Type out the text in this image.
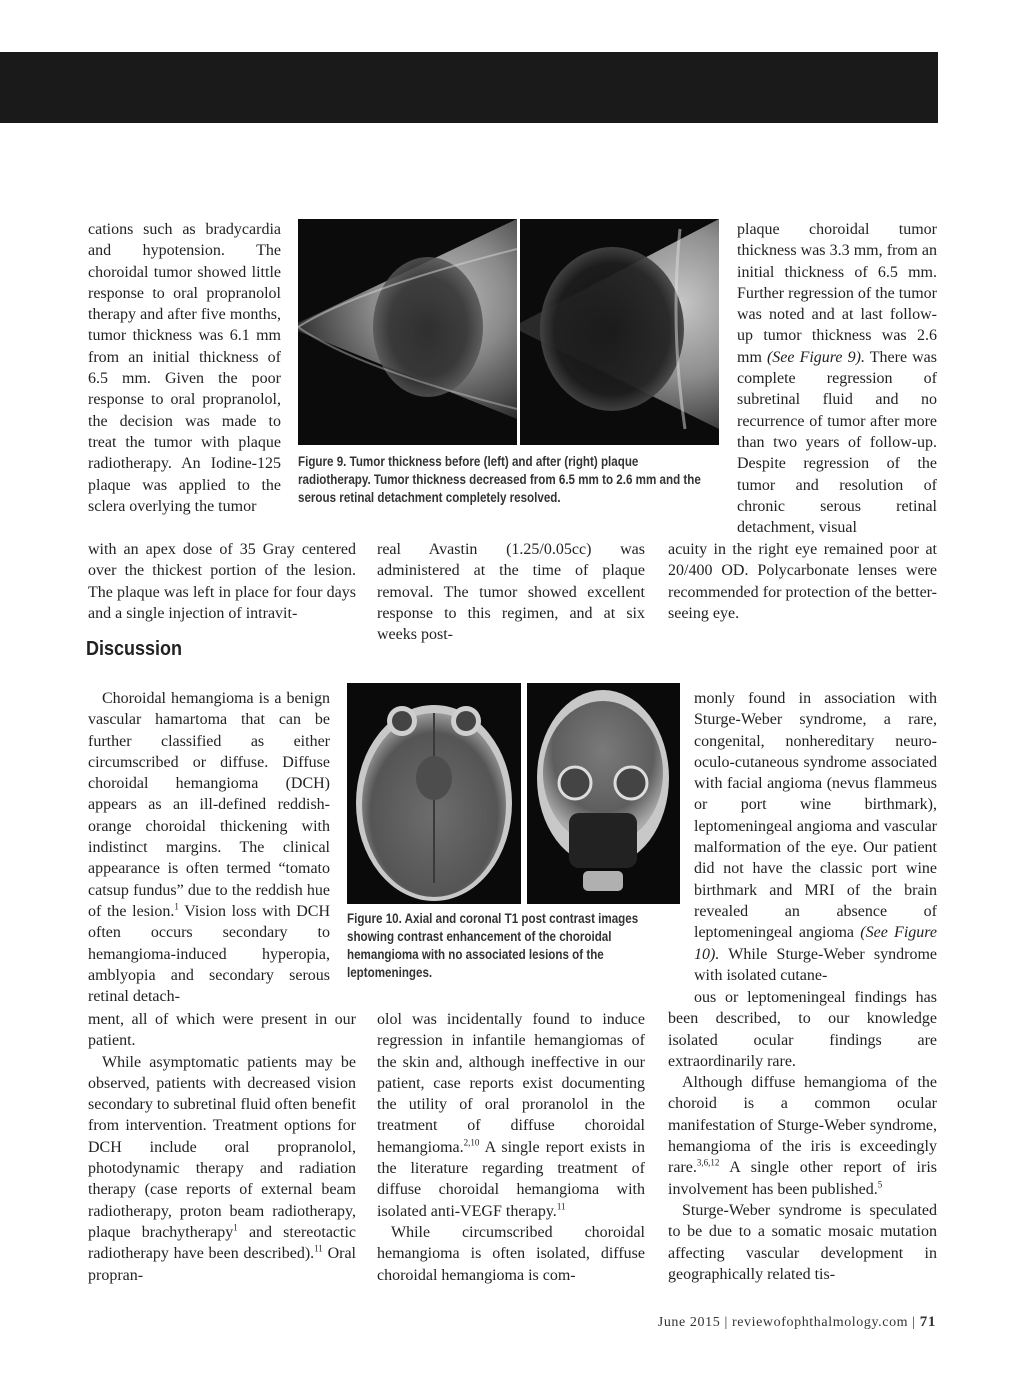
cations such as bradycardia and hypotension. The choroidal tumor showed little response to oral propranolol therapy and after five months, tumor thickness was 6.1 mm from an initial thickness of 6.5 mm. Given the poor response to oral propranolol, the decision was made to treat the tumor with plaque radiotherapy. An Iodine-125 plaque was applied to the sclera overlying the tumor

with an apex dose of 35 Gray centered over the thickest portion of the lesion. The plaque was left in place for four days and a single injection of intravit-

Figure 9. Tumor thickness before (left) and after (right) plaque radiotherapy. Tumor thickness decreased from 6.5 mm to 2.6 mm and the serous retinal detachment completely resolved.

real Avastin (1.25/0.05cc) was administered at the time of plaque removal. The tumor showed excellent response to this regimen, and at six weeks post-

plaque choroidal tumor thickness was 3.3 mm, from an initial thickness of 6.5 mm. Further regression of the tumor was noted and at last follow-up tumor thickness was 2.6 mm (See Figure 9). There was complete regression of subretinal fluid and no recurrence of tumor after more than two years of follow-up. Despite regression of the tumor and resolution of chronic serous retinal detachment, visual

acuity in the right eye remained poor at 20/400 OD. Polycarbonate lenses were recommended for protection of the better-seeing eye.

Discussion
Figure 10. Axial and coronal T1 post contrast images showing contrast enhancement of the choroidal hemangioma with no associated lesions of the leptomeninges.

Choroidal hemangioma is a benign vascular hamartoma that can be further classified as either circumscribed or diffuse. Diffuse choroidal hemangioma (DCH) appears as an ill-defined reddish-orange choroidal thickening with indistinct margins. The clinical appearance is often termed “tomato catsup fundus” due to the reddish hue of the lesion.$^1$ Vision loss with DCH often occurs secondary to hemangioma-induced hyperopia, amblyopia and secondary serous retinal detach-

ment, all of which were present in our patient.

While asymptomatic patients may be observed, patients with decreased vision secondary to subretinal fluid often benefit from intervention. Treatment options for DCH include oral propranolol, photodynamic therapy and radiation therapy (case reports of external beam radiotherapy, proton beam radiotherapy, plaque brachytherapy$^1$ and stereotactic radiotherapy have been described).$^{11}$ Oral propran-

olol was incidentally found to induce regression in infantile hemangiomas of the skin and, although ineffective in our patient, case reports exist documenting the utility of oral proranolol in the treatment of diffuse choroidal hemangioma.$^{2,10}$ A single report exists in the literature regarding treatment of diffuse choroidal hemangioma with isolated anti-VEGF therapy.$^{11}$

While circumscribed choroidal hemangioma is often isolated, diffuse choroidal hemangioma is com-

monly found in association with Sturge-Weber syndrome, a rare, congenital, nonhereditary neuro-oculo-cutaneous syndrome associated with facial angioma (nevus flammeus or port wine birthmark), leptomeningeal angioma and vascular malformation of the eye. Our patient did not have the classic port wine birthmark and MRI of the brain revealed an absence of leptomeningeal angioma (See Figure 10). While Sturge-Weber syndrome with isolated cutane-

ous or leptomeningeal findings has been described, to our knowledge isolated ocular findings are extraordinarily rare.

Although diffuse hemangioma of the choroid is a common ocular manifestation of Sturge-Weber syndrome, hemangioma of the iris is exceedingly rare.$^{3,6,12}$ A single other report of iris involvement has been published.$^5$

Sturge-Weber syndrome is speculated to be due to a somatic mosaic mutation affecting vascular development in geographically related tis-

June 2015 | reviewofophthalmology.com | 71
